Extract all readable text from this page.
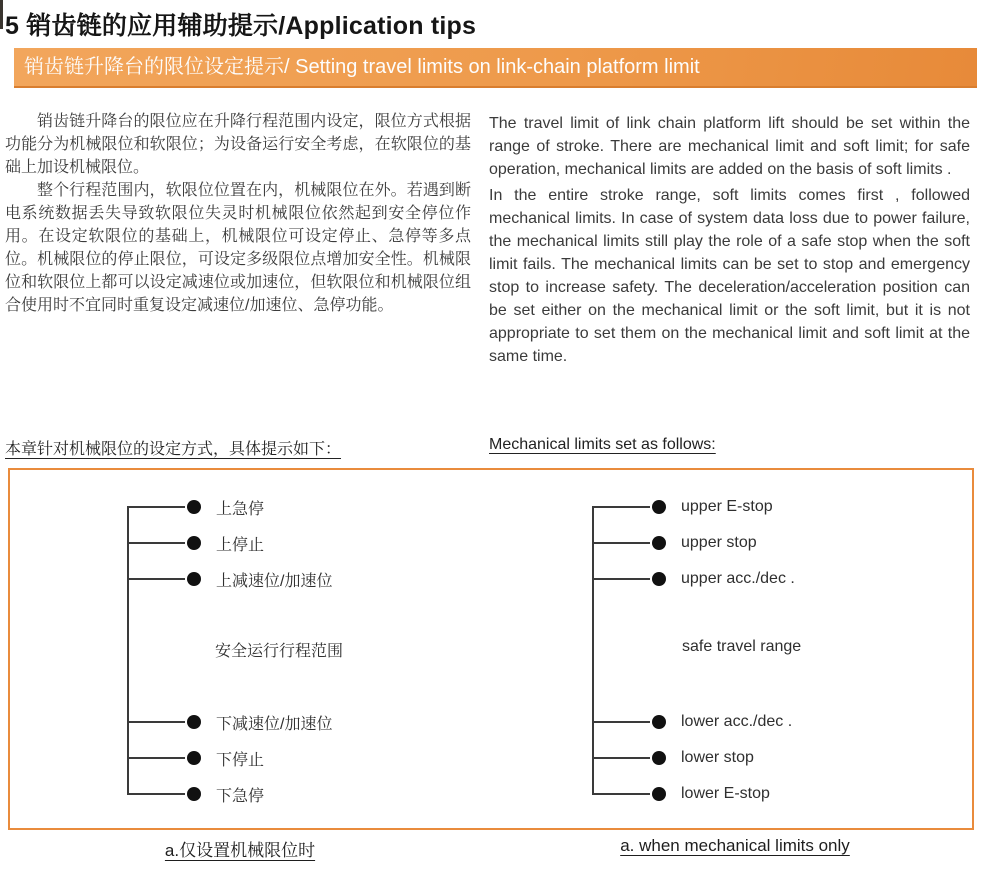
5 销齿链的应用辅助提示/Application tips
销齿链升降台的限位设定提示/ Setting travel limits on link-chain platform limit

销齿链升降台的限位应在升降行程范围内设定，限位方式根据功能分为机械限位和软限位；为设备运行安全考虑，在软限位的基础上加设机械限位。

整个行程范围内，软限位位置在内，机械限位在外。若遇到断电系统数据丢失导致软限位失灵时机械限位依然起到安全停位作用。在设定软限位的基础上，机械限位可设定停止、急停等多点位。机械限位的停止限位，可设定多级限位点增加安全性。机械限位和软限位上都可以设定减速位或加速位，但软限位和机械限位组合使用时不宜同时重复设定减速位/加速位、急停功能。

The travel limit of link chain platform lift should be set within the range of stroke. There are mechanical limit and soft limit; for safe operation, mechanical limits are added on the basis of soft limits .

In the entire stroke range, soft limits comes first , followed mechanical limits. In case of system data loss due to power failure, the mechanical limits still play the role of a safe stop when the soft limit fails. The mechanical limits can be set to stop and emergency stop to increase safety. The deceleration/acceleration position can be set either on the mechanical limit or the soft limit, but it is not appropriate to set them on the mechanical limit and soft limit at the same time.

本章针对机械限位的设定方式，具体提示如下：	Mechanical limits set as follows:
上急停
上停止
上减速位/加速位
安全运行行程范围
下减速位/加速位
下停止
下急停
upper E-stop
upper stop
upper acc./dec .
safe travel range
lower acc./dec .
lower stop
lower E-stop
a.仅设置机械限位时	a. when mechanical limits only
